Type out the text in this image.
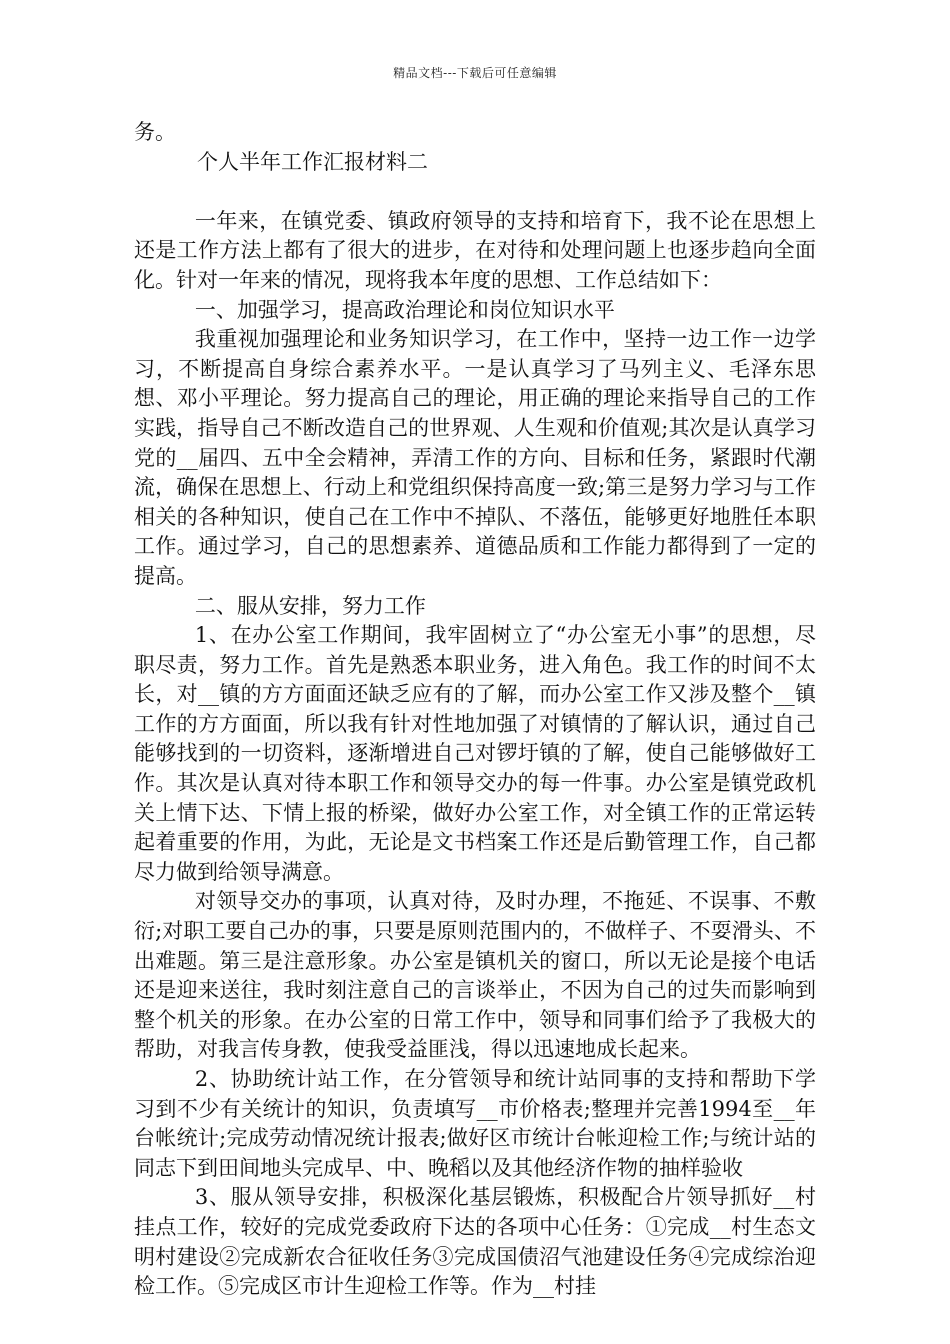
精品文档---下载后可任意编辑

务。

个人半年工作汇报材料二

一年来，在镇党委、镇政府领导的支持和培育下，我不论在思想上还是工作方法上都有了很大的进步，在对待和处理问题上也逐步趋向全面化。针对一年来的情况，现将我本年度的思想、工作总结如下：

一、加强学习，提高政治理论和岗位知识水平

我重视加强理论和业务知识学习，在工作中，坚持一边工作一边学习，不断提高自身综合素养水平。一是认真学习了马列主义、毛泽东思想、邓小平理论。努力提高自己的理论，用正确的理论来指导自己的工作实践，指导自己不断改造自己的世界观、人生观和价值观;其次是认真学习党的__届四、五中全会精神，弄清工作的方向、目标和任务，紧跟时代潮流，确保在思想上、行动上和党组织保持高度一致;第三是努力学习与工作相关的各种知识，使自己在工作中不掉队、不落伍，能够更好地胜任本职工作。通过学习，自己的思想素养、道德品质和工作能力都得到了一定的提高。

二、服从安排，努力工作

1、在办公室工作期间，我牢固树立了“办公室无小事”的思想，尽职尽责，努力工作。首先是熟悉本职业务，进入角色。我工作的时间不太长，对__镇的方方面面还缺乏应有的了解，而办公室工作又涉及整个__镇工作的方方面面，所以我有针对性地加强了对镇情的了解认识，通过自己能够找到的一切资料，逐渐增进自己对锣圩镇的了解，使自己能够做好工作。其次是认真对待本职工作和领导交办的每一件事。办公室是镇党政机关上情下达、下情上报的桥梁，做好办公室工作，对全镇工作的正常运转起着重要的作用，为此，无论是文书档案工作还是后勤管理工作，自己都尽力做到给领导满意。

对领导交办的事项，认真对待，及时办理，不拖延、不误事、不敷衍;对职工要自己办的事，只要是原则范围内的，不做样子、不耍滑头、不出难题。第三是注意形象。办公室是镇机关的窗口，所以无论是接个电话还是迎来送往，我时刻注意自己的言谈举止，不因为自己的过失而影响到整个机关的形象。在办公室的日常工作中，领导和同事们给予了我极大的帮助，对我言传身教，使我受益匪浅，得以迅速地成长起来。

2、协助统计站工作，在分管领导和统计站同事的支持和帮助下学习到不少有关统计的知识，负责填写__市价格表;整理并完善1994至__年台帐统计;完成劳动情况统计报表;做好区市统计台帐迎检工作;与统计站的同志下到田间地头完成早、中、晚稻以及其他经济作物的抽样验收

3、服从领导安排，积极深化基层锻炼，积极配合片领导抓好__村挂点工作，较好的完成党委政府下达的各项中心任务：①完成__村生态文明村建设②完成新农合征收任务③完成国债沼气池建设任务④完成综治迎检工作。⑤完成区市计生迎检工作等。作为__村挂
